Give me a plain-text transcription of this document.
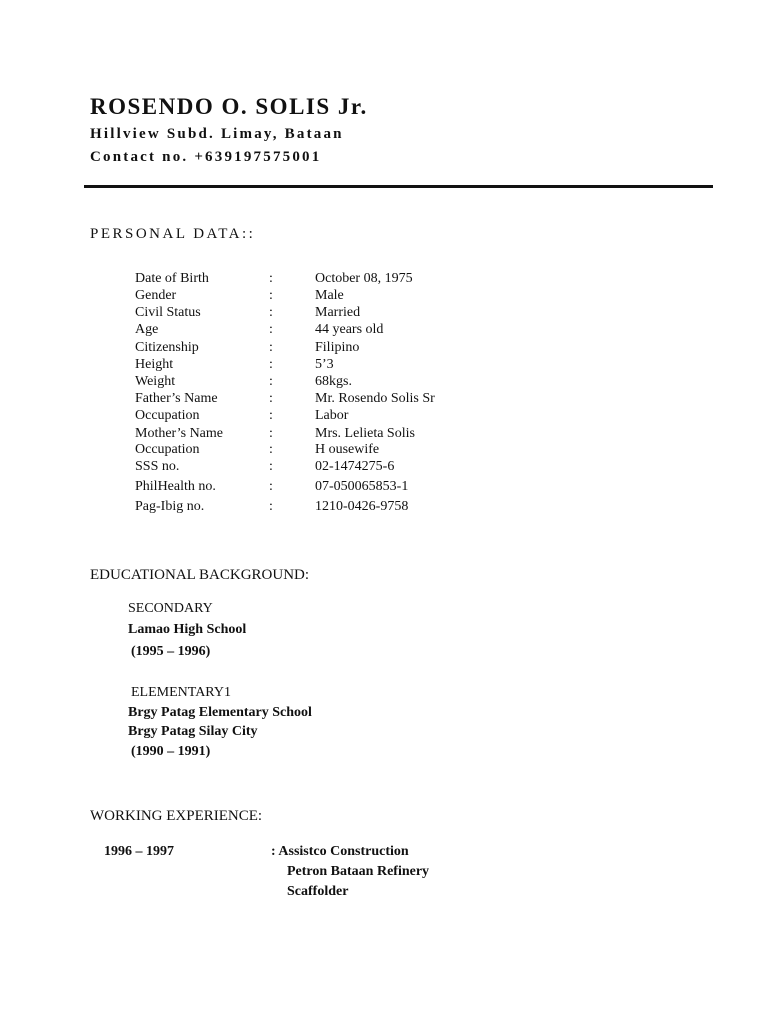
ROSENDO O. SOLIS Jr.
Hillview Subd. Limay, Bataan
Contact no. +639197575001
PERSONAL DATA::
Date of Birth	:	October 08, 1975
Gender	:	Male
Civil Status	:	Married
Age	:	44 years old
Citizenship	:	Filipino
Height	:	5’3
Weight	:	68kgs.
Father’s Name	:	Mr. Rosendo Solis Sr
Occupation	:	Labor
Mother’s Name	:	Mrs. Lelieta Solis
Occupation	:	H ousewife
SSS no.	:	02-1474275-6
PhilHealth no.	:	07-050065853-1
Pag-Ibig no.	:	1210-0426-9758
EDUCATIONAL BACKGROUND:
SECONDARY
Lamao High School
(1995 – 1996)
ELEMENTARY1
Brgy Patag Elementary School
Brgy Patag Silay City
(1990 – 1991)
WORKING EXPERIENCE:
1996 – 1997	: Assistco Construction
Petron Bataan Refinery
Scaffolder
